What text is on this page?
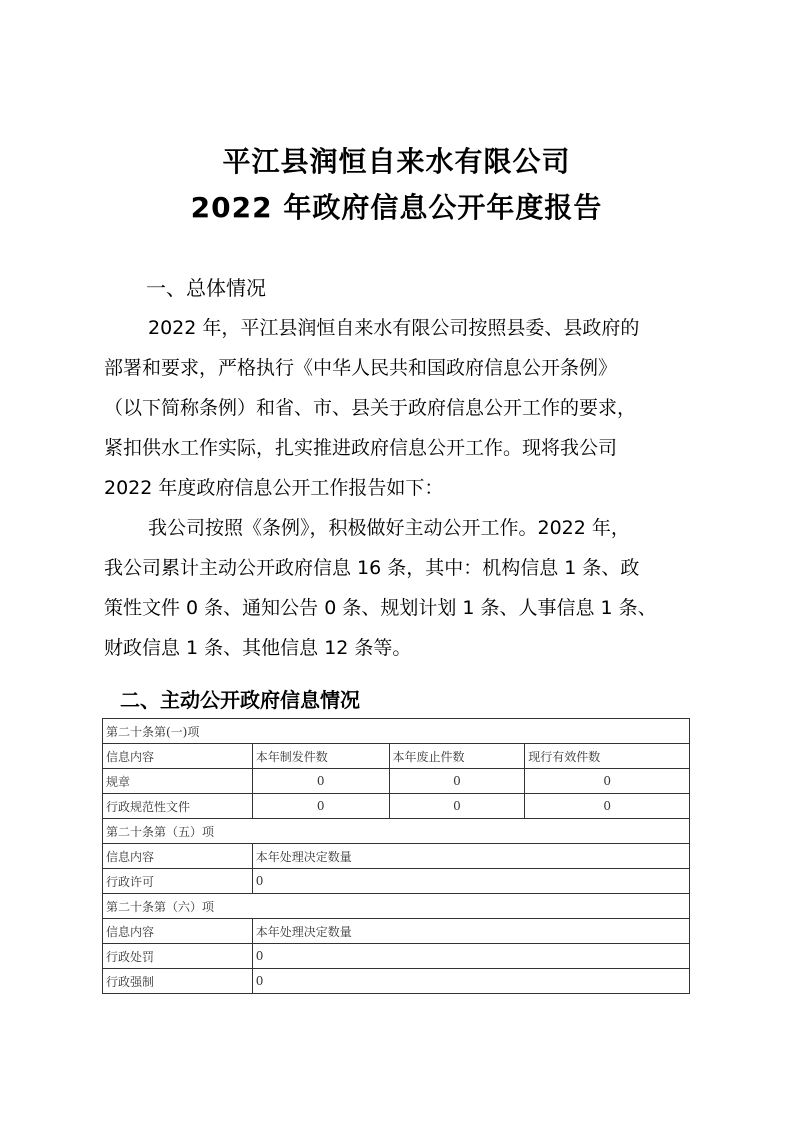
平江县润恒自来水有限公司
2022 年政府信息公开年度报告
一、总体情况
2022 年，平江县润恒自来水有限公司按照县委、县政府的
部署和要求，严格执行《中华人民共和国政府信息公开条例》
（以下简称条例）和省、市、县关于政府信息公开工作的要求，
紧扣供水工作实际，扎实推进政府信息公开工作。现将我公司
2022 年度政府信息公开工作报告如下：
我公司按照《条例》，积极做好主动公开工作。2022 年，
我公司累计主动公开政府信息 16 条，其中：机构信息 1 条、政
策性文件 0 条、通知公告 0 条、规划计划 1 条、人事信息 1 条、
财政信息 1 条、其他信息 12 条等。
二、主动公开政府信息情况
第二十条第(一)项			
信息内容	本年制发件数	本年废止件数	现行有效件数
规章	0	0	0
行政规范性文件	0	0	0
第二十条第（五）项			
信息内容	本年处理决定数量		
行政许可	0		
第二十条第（六）项			
信息内容	本年处理决定数量		
行政处罚	0		
行政强制	0		
